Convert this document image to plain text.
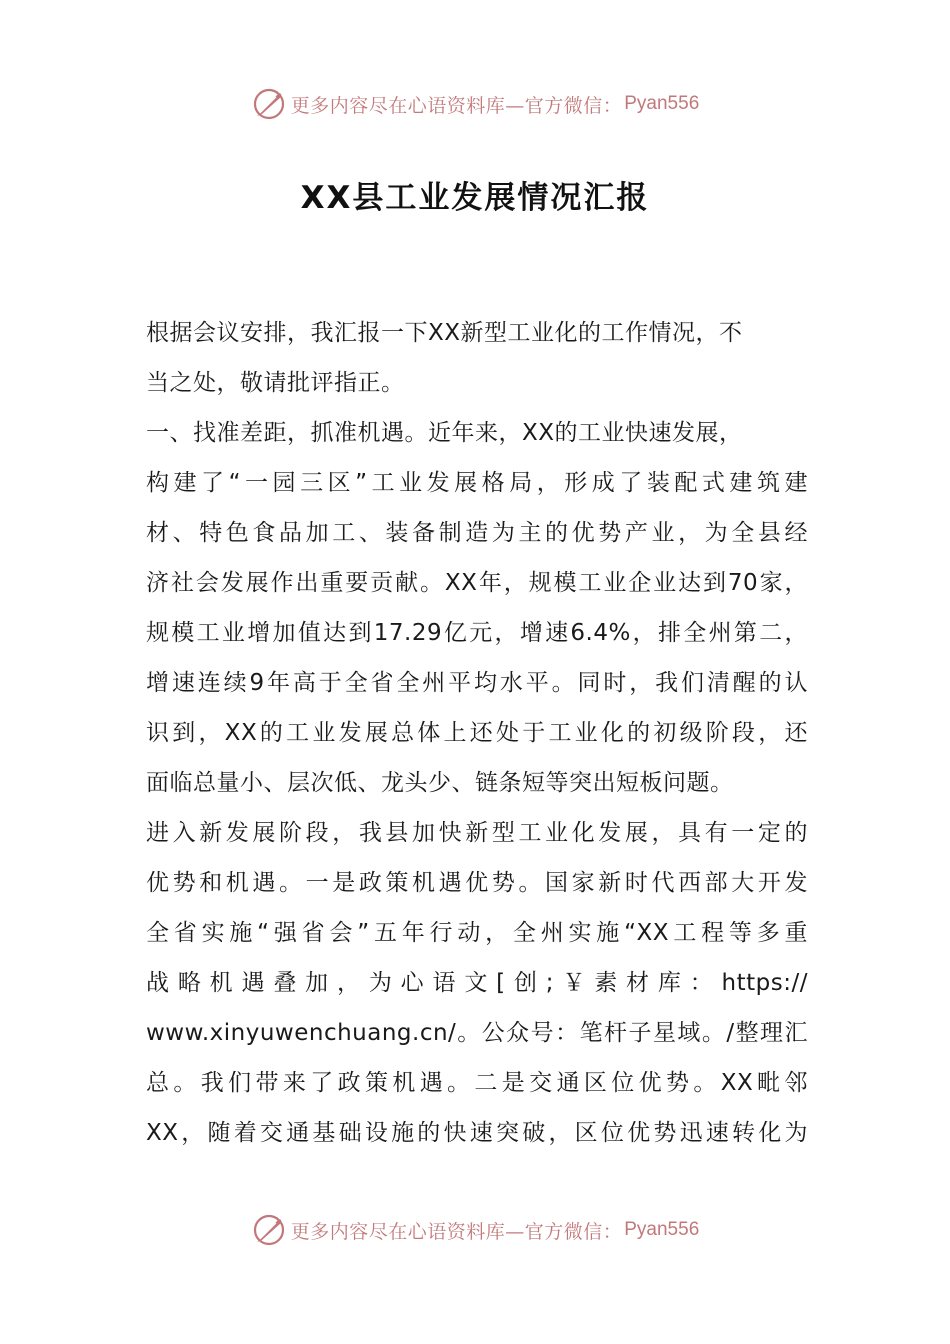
更多内容尽在心语资料库—官方微信： Pyan556
XX县工业发展情况汇报
根据会议安排，我汇报一下XX新型工业化的工作情况，不
当之处，敬请批评指正。
一、找准差距，抓准机遇。近年来，XX的工业快速发展，
构建了“一园三区”工业发展格局，形成了装配式建筑建
材、特色食品加工、装备制造为主的优势产业，为全县经
济社会发展作出重要贡献。XX年，规模工业企业达到70家，
规模工业增加值达到17.29亿元，增速6.4%，排全州第二，
增速连续9年高于全省全州平均水平。同时，我们清醒的认
识到，XX的工业发展总体上还处于工业化的初级阶段，还
面临总量小、层次低、龙头少、链条短等突出短板问题。
进入新发展阶段，我县加快新型工业化发展，具有一定的
优势和机遇。一是政策机遇优势。国家新时代西部大开发
全省实施“强省会”五年行动，全州实施“XX工程等多重
战略机遇叠加，为心语文[创;￥素材库：https://
www.xinyuwenchuang.cn/。公众号：笔杆子星域。/整理汇
总。我们带来了政策机遇。二是交通区位优势。XX毗邻
XX，随着交通基础设施的快速突破，区位优势迅速转化为
更多内容尽在心语资料库—官方微信： Pyan556
